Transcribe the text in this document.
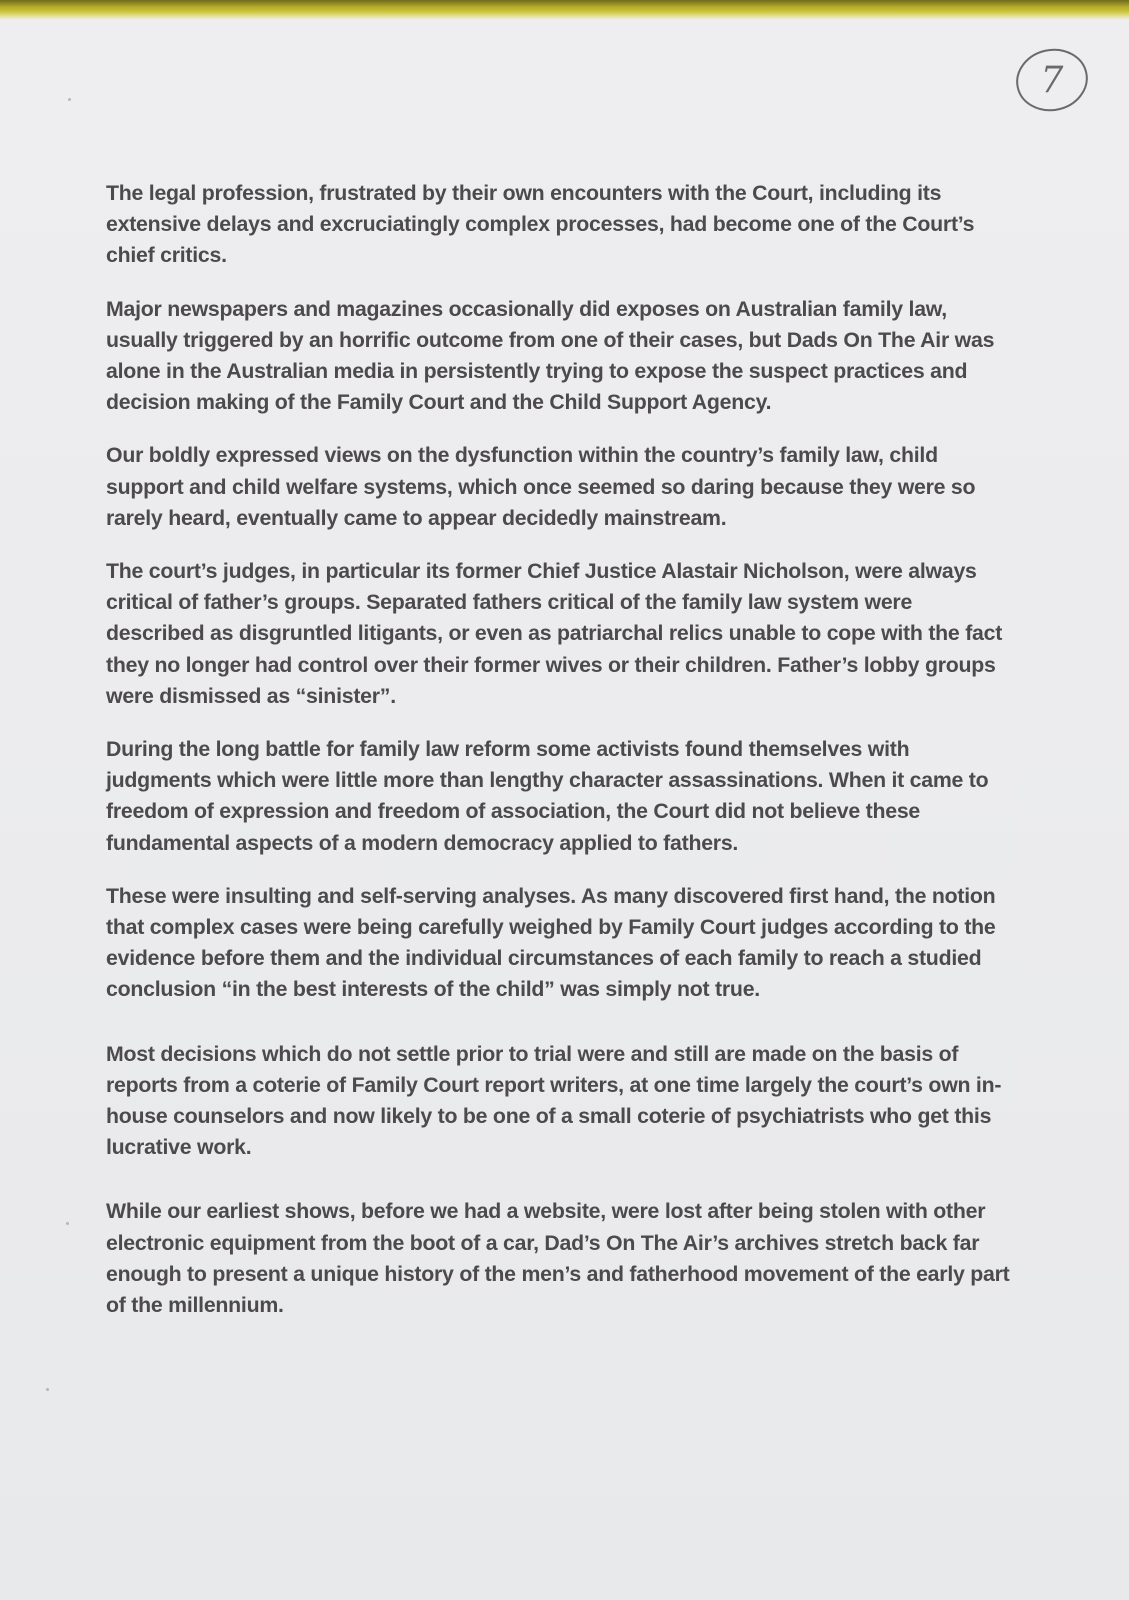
7

The legal profession, frustrated by their own encounters with the Court, including its extensive delays and excruciatingly complex processes, had become one of the Court’s chief critics.

Major newspapers and magazines occasionally did exposes on Australian family law, usually triggered by an horrific outcome from one of their cases, but Dads On The Air was alone in the Australian media in persistently trying to expose the suspect practices and decision making of the Family Court and the Child Support Agency.

Our boldly expressed views on the dysfunction within the country’s family law, child support and child welfare systems, which once seemed so daring because they were so rarely heard, eventually came to appear decidedly mainstream.

The court’s judges, in particular its former Chief Justice Alastair Nicholson, were always critical of father’s groups. Separated fathers critical of the family law system were described as disgruntled litigants, or even as patriarchal relics unable to cope with the fact they no longer had control over their former wives or their children. Father’s lobby groups were dismissed as “sinister”.

During the long battle for family law reform some activists found themselves with judgments which were little more than lengthy character assassinations. When it came to freedom of expression and freedom of association, the Court did not believe these fundamental aspects of a modern democracy applied to fathers.

These were insulting and self-serving analyses. As many discovered first hand, the notion that complex cases were being carefully weighed by Family Court judges according to the evidence before them and the individual circumstances of each family to reach a studied conclusion “in the best interests of the child” was simply not true.

Most decisions which do not settle prior to trial were and still are made on the basis of reports from a coterie of Family Court report writers, at one time largely the court’s own in-house counselors and now likely to be one of a small coterie of psychiatrists who get this lucrative work.

While our earliest shows, before we had a website, were lost after being stolen with other electronic equipment from the boot of a car, Dad’s On The Air’s archives stretch back far enough to present a unique history of the men’s and fatherhood movement of the early part of the millennium.
